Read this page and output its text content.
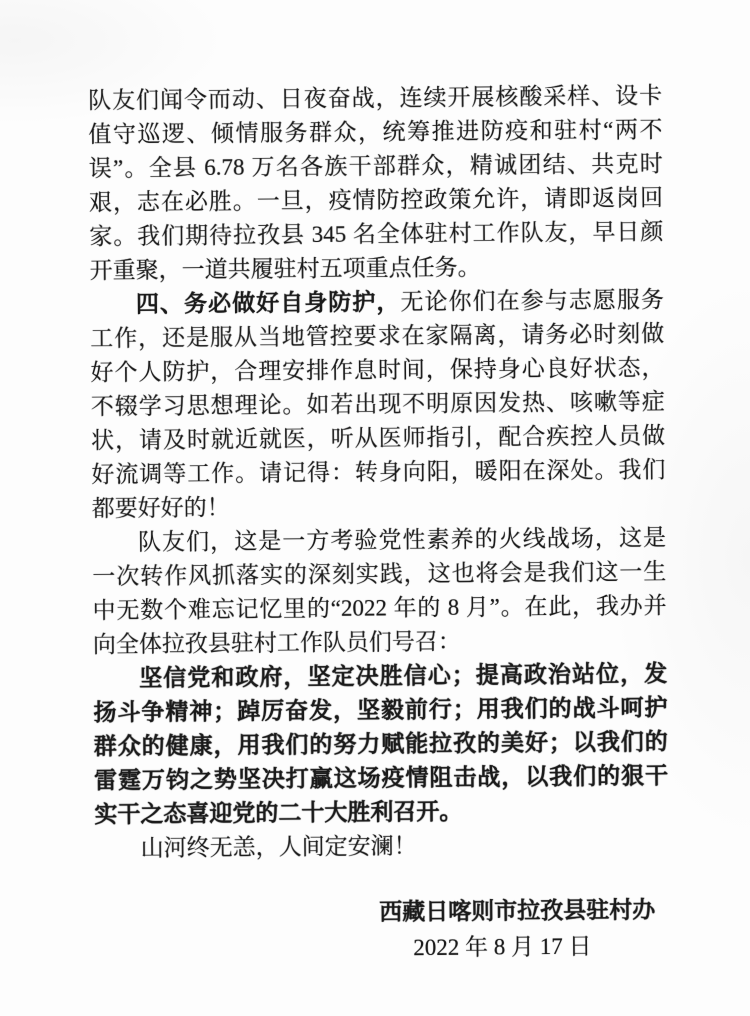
队友们闻令而动、日夜奋战，连续开展核酸采样、设卡值守巡逻、倾情服务群众，统筹推进防疫和驻村“两不误”。全县 6.78 万名各族干部群众，精诚团结、共克时艰，志在必胜。一旦，疫情防控政策允许，请即返岗回家。我们期待拉孜县 345 名全体驻村工作队友，早日颜开重聚，一道共履驻村五项重点任务。

四、务必做好自身防护，无论你们在参与志愿服务工作，还是服从当地管控要求在家隔离，请务必时刻做好个人防护，合理安排作息时间，保持身心良好状态，不辍学习思想理论。如若出现不明原因发热、咳嗽等症状，请及时就近就医，听从医师指引，配合疾控人员做好流调等工作。请记得：转身向阳，暖阳在深处。我们都要好好的！

队友们，这是一方考验党性素养的火线战场，这是一次转作风抓落实的深刻实践，这也将会是我们这一生中无数个难忘记忆里的“2022 年的 8 月”。在此，我办并向全体拉孜县驻村工作队员们号召：

坚信党和政府，坚定决胜信心；提高政治站位，发扬斗争精神；踔厉奋发，坚毅前行；用我们的战斗呵护群众的健康，用我们的努力赋能拉孜的美好；以我们的雷霆万钧之势坚决打赢这场疫情阻击战，以我们的狠干实干之态喜迎党的二十大胜利召开。

山河终无恙，人间定安澜！

西藏日喀则市拉孜县驻村办

2022 年 8 月 17 日
